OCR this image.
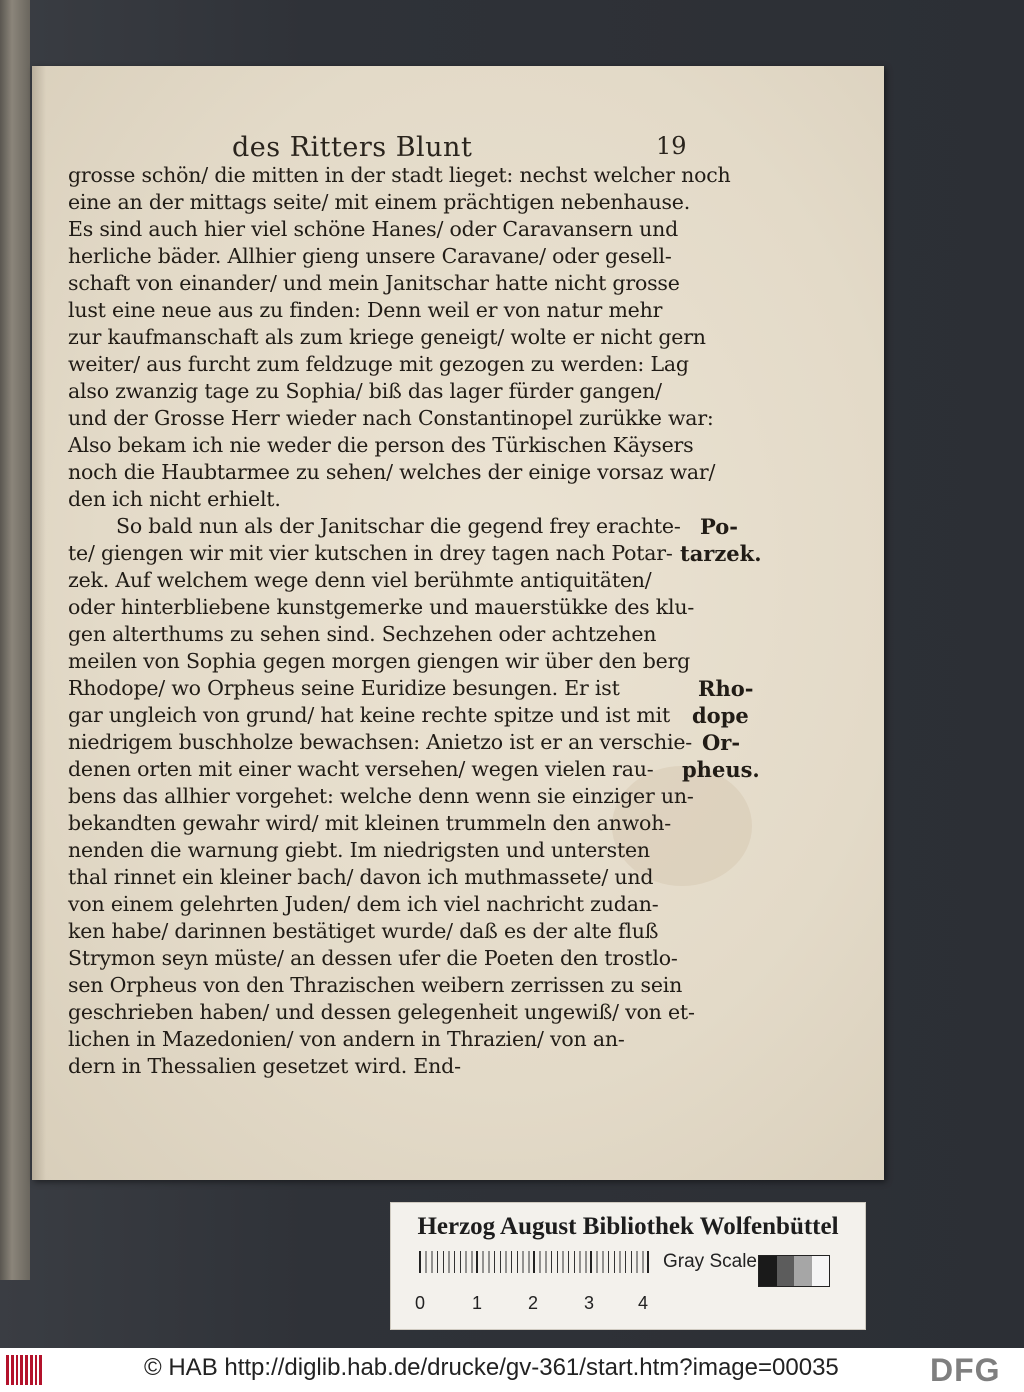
des Ritters Blunt	19
grosse schön/ die mitten in der stadt lieget: nechst welcher noch
eine an der mittags seite/ mit einem prächtigen nebenhause.
Es sind auch hier viel schöne Hanes/ oder Caravansern und
herliche bäder. Allhier gieng unsere Caravane/ oder gesell-
schaft von einander/ und mein Janitschar hatte nicht grosse
lust eine neue aus zu finden: Denn weil er von natur mehr
zur kaufmanschaft als zum kriege geneigt/ wolte er nicht gern
weiter/ aus furcht zum feldzuge mit gezogen zu werden: Lag
also zwanzig tage zu Sophia/ biß das lager fürder gangen/
und der Grosse Herr wieder nach Constantinopel zurükke war:
Also bekam ich nie weder die person des Türkischen Käysers
noch die Haubtarmee zu sehen/ welches der einige vorsaz war/
den ich nicht erhielt.
So bald nun als der Janitschar die gegend frey erachte-
te/ giengen wir mit vier kutschen in drey tagen nach Potar-
zek. Auf welchem wege denn viel berühmte antiquitäten/
oder hinterbliebene kunstgemerke und mauerstükke des klu-
gen alterthums zu sehen sind. Sechzehen oder achtzehen
meilen von Sophia gegen morgen giengen wir über den berg
Rhodope/ wo Orpheus seine Euridize besungen. Er ist
gar ungleich von grund/ hat keine rechte spitze und ist mit
niedrigem buschholze bewachsen: Anietzo ist er an verschie-
denen orten mit einer wacht versehen/ wegen vielen rau-
bens das allhier vorgehet: welche denn wenn sie einziger un-
bekandten gewahr wird/ mit kleinen trummeln den anwoh-
nenden die warnung giebt. Im niedrigsten und untersten
thal rinnet ein kleiner bach/ davon ich muthmassete/ und
von einem gelehrten Juden/ dem ich viel nachricht zudan-
ken habe/ darinnen bestätiget wurde/ daß es der alte fluß
Strymon seyn müste/ an dessen ufer die Poeten den trostlo-
sen Orpheus von den Thrazischen weibern zerrissen zu sein
geschrieben haben/ und dessen gelegenheit ungewiß/ von et-
lichen in Mazedonien/ von andern in Thrazien/ von an-
dern in Thessalien gesetzet wird. End-
Po-
tarzek.
Rho-
dope
Or-
pheus.
Herzog August Bibliothek Wolfenbüttel
0	1	2	3 4
Gray Scale
© HAB http://diglib.hab.de/drucke/gv-361/start.htm?image=00035	DFG
